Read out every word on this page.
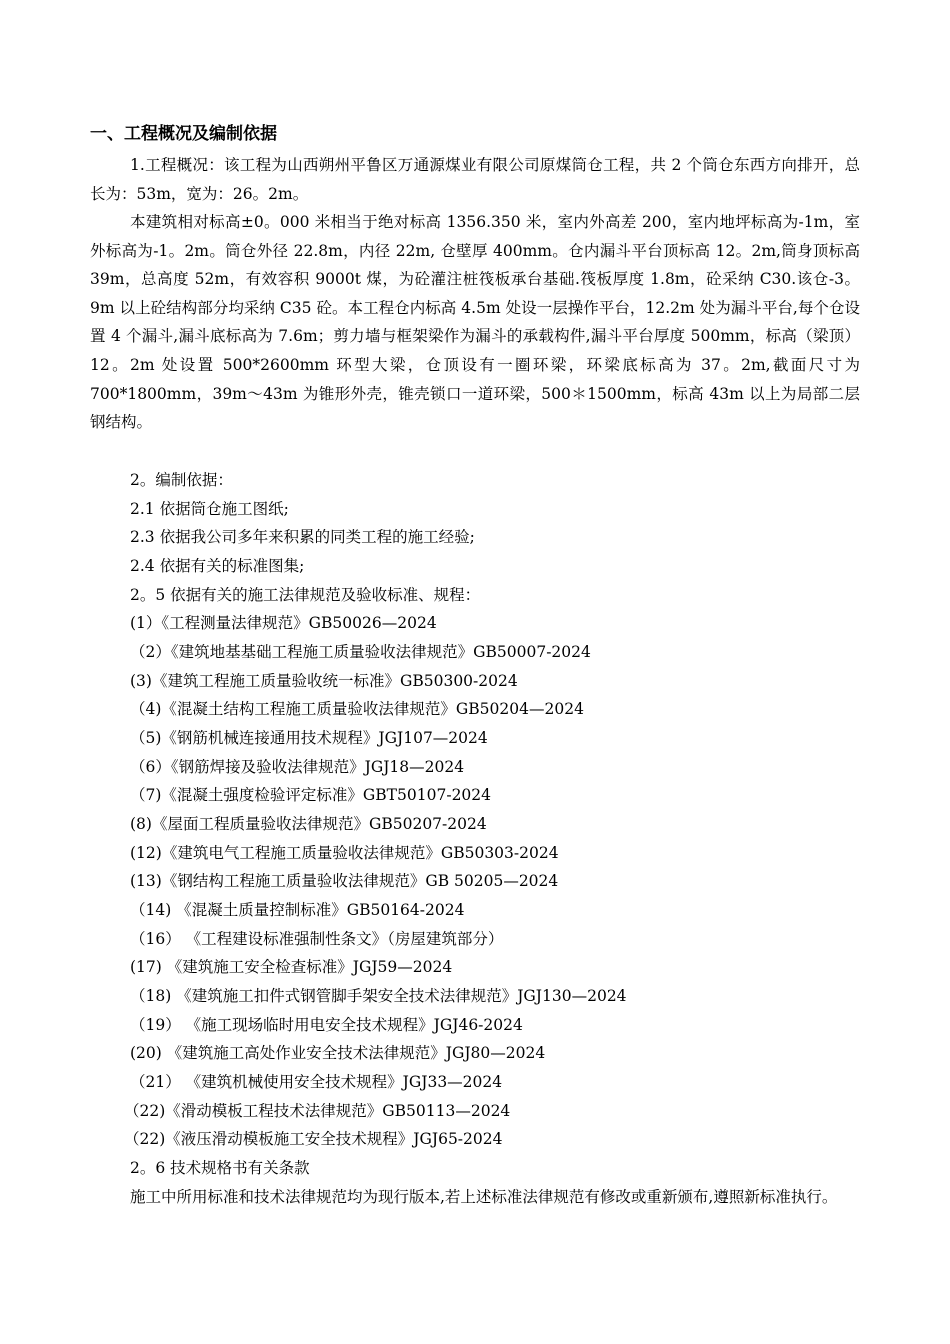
一、工程概况及编制依据
1.工程概况：该工程为山西朔州平鲁区万通源煤业有限公司原煤筒仓工程，共 2 个筒仓东西方向排开，总长为：53m，宽为：26。2m。
本建筑相对标高±0。000 米相当于绝对标高 1356.350 米，室内外高差 200，室内地坪标高为-1m，室外标高为-1。2m。筒仓外径 22.8m，内径 22m, 仓壁厚 400mm。仓内漏斗平台顶标高 12。2m,筒身顶标高 39m，总高度 52m，有效容积 9000t 煤，为砼灌注桩筏板承台基础.筏板厚度 1.8m，砼采纳 C30.该仓-3。9m 以上砼结构部分均采纳 C35 砼。本工程仓内标高 4.5m 处设一层操作平台，12.2m 处为漏斗平台,每个仓设置 4 个漏斗,漏斗底标高为 7.6m；剪力墙与框架梁作为漏斗的承载构件,漏斗平台厚度 500mm，标高（梁顶）12。2m 处设置 500*2600mm 环型大梁，仓顶设有一圈环梁，环梁底标高为 37。2m,截面尺寸为 700*1800mm，39m～43m 为锥形外壳，锥壳锁口一道环梁，500＊1500mm，标高 43m 以上为局部二层钢结构。
2。编制依据：
2.1 依据筒仓施工图纸;
2.3 依据我公司多年来积累的同类工程的施工经验;
2.4 依据有关的标准图集;
2。5 依据有关的施工法律规范及验收标准、规程：
(1）《工程测量法律规范》GB50026—2024
（2）《建筑地基基础工程施工质量验收法律规范》GB50007-2024
(3)《建筑工程施工质量验收统一标准》GB50300-2024
（4)《混凝土结构工程施工质量验收法律规范》GB50204—2024
（5)《钢筋机械连接通用技术规程》JGJ107—2024
（6）《钢筋焊接及验收法律规范》JGJ18—2024
（7)《混凝土强度检验评定标准》GBT50107-2024
(8)《屋面工程质量验收法律规范》GB50207-2024
(12)《建筑电气工程施工质量验收法律规范》GB50303-2024
(13)《钢结构工程施工质量验收法律规范》GB 50205—2024
（14) 《混凝土质量控制标准》GB50164-2024
（16） 《工程建设标准强制性条文》（房屋建筑部分）
(17) 《建筑施工安全检查标准》JGJ59—2024
（18) 《建筑施工扣件式钢管脚手架安全技术法律规范》JGJ130—2024
（19） 《施工现场临时用电安全技术规程》JGJ46-2024
(20) 《建筑施工高处作业安全技术法律规范》JGJ80—2024
（21） 《建筑机械使用安全技术规程》JGJ33—2024
（22)《滑动模板工程技术法律规范》GB50113—2024
（22)《液压滑动模板施工安全技术规程》JGJ65-2024
2。6 技术规格书有关条款
施工中所用标准和技术法律规范均为现行版本,若上述标准法律规范有修改或重新颁布,遵照新标准执行。
